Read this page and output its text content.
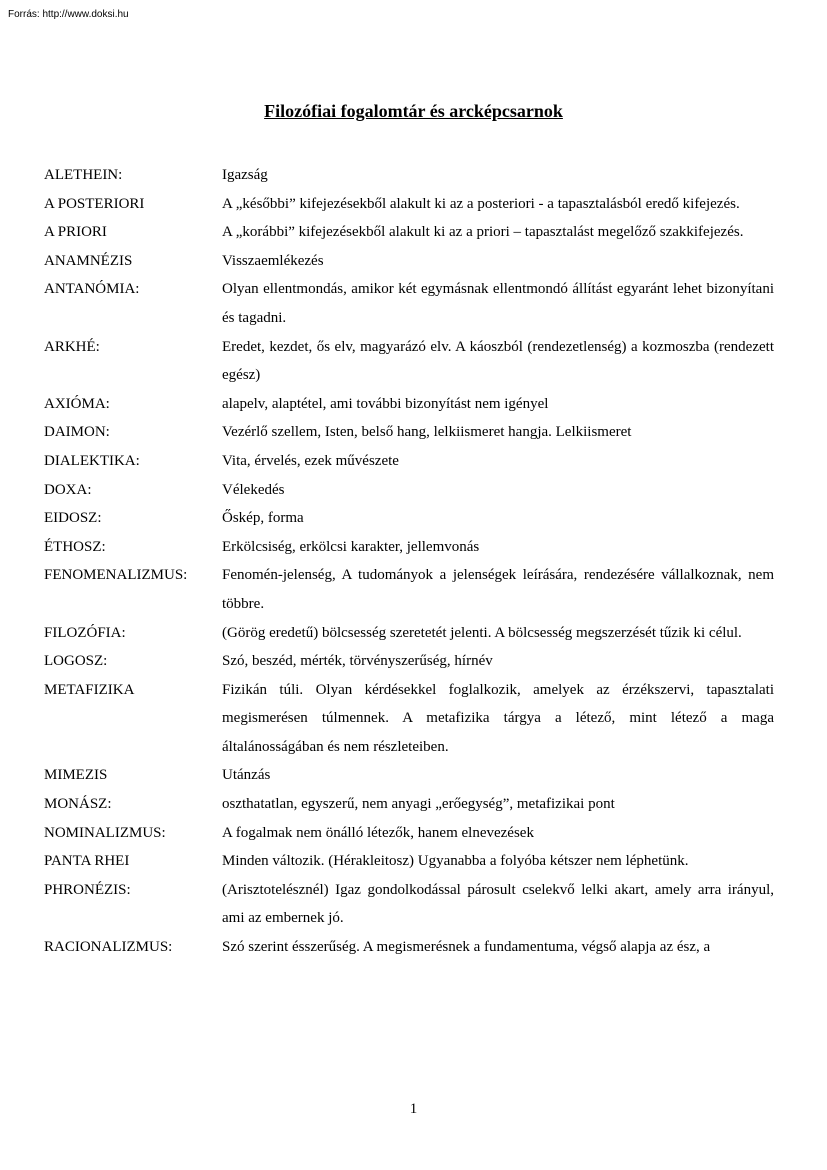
Forrás: http://www.doksi.hu
Filozófiai fogalomtár és arcképcsarnok
ALETHEIN:	Igazság
A POSTERIORI	A „későbbi” kifejezésekből alakult ki az a posteriori - a tapasztalásból eredő kifejezés.
A PRIORI	A „korábbi” kifejezésekből alakult ki az a priori – tapasztalást megelőző szakkifejezés.
ANAMNÉZIS	Visszaemlékezés
ANTANÓMIA:	Olyan ellentmondás, amikor két egymásnak ellentmondó állítást egyaránt lehet bizonyítani és tagadni.
ARKHÉ:	Eredet, kezdet, ős elv, magyarázó elv. A káoszból (rendezetlenség) a kozmoszba (rendezett egész)
AXIÓMA:	alapelv, alaptétel, ami további bizonyítást nem igényel
DAIMON:	Vezérlő szellem, Isten, belső hang, lelkiismeret hangja. Lelkiismeret
DIALEKTIKA:	Vita, érvelés, ezek művészete
DOXA:	Vélekedés
EIDOSZ:	Őskép, forma
ÉTHOSZ:	Erkölcsiség, erkölcsi karakter, jellemvonás
FENOMENALIZMUS:	Fenomén-jelenség, A tudományok a jelenségek leírására, rendezésére vállalkoznak, nem többre.
FILOZÓFIA:	(Görög eredetű) bölcsesség szeretetét jelenti. A bölcsesség megszerzését tűzik ki célul.
LOGOSZ:	Szó, beszéd, mérték, törvényszerűség, hírnév
METAFIZIKA	Fizikán túli. Olyan kérdésekkel foglalkozik, amelyek az érzékszervi, tapasztalati megismerésen túlmennek. A metafizika tárgya a létező, mint létező a maga általánosságában és nem részleteiben.
MIMEZIS	Utánzás
MONÁSZ:	oszthatatlan, egyszerű, nem anyagi „erőegység”, metafizikai pont
NOMINALIZMUS:	A fogalmak nem önálló létezők, hanem elnevezések
PANTA RHEI	Minden változik. (Hérakleitosz) Ugyanabba a folyóba kétszer nem léphetünk.
PHRONÉZIS:	(Arisztotelésznél) Igaz gondolkodással párosult cselekvő lelki akart, amely arra irányul, ami az embernek jó.
RACIONALIZMUS:	Szó szerint ésszerűség. A megismerésnek a fundamentuma, végső alapja az ész, a
1
